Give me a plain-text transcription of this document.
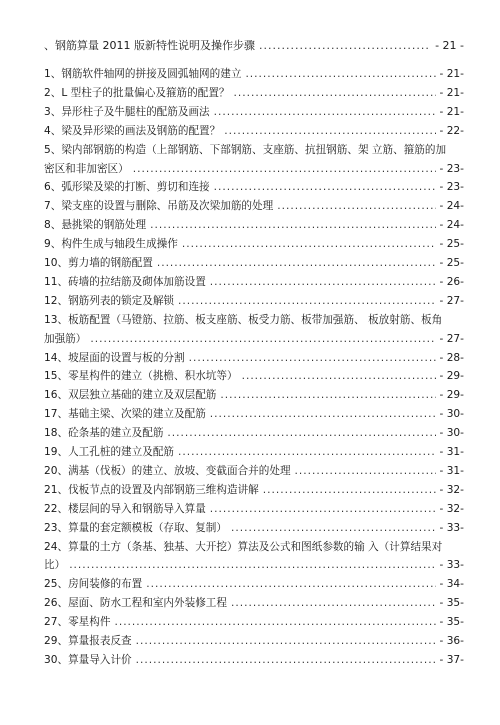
、钢筋算量 2011 版新特性说明及操作步骤 .....	- 21 -
1、钢筋软件轴网的拼接及圆弧轴网的建立 .....	- 21-
2、L 型柱子的批量偏心及箍筋的配置？ .....	- 21-
3、异形柱子及牛腿柱的配筋及画法 .....	- 21-
4、梁及异形梁的画法及钢筋的配置？ .....	- 22-
5、梁内部钢筋的构造（上部钢筋、下部钢筋、支座筋、抗扭钢筋、架 立筋、箍筋的加
密区和非加密区） .....	- 23-
6、弧形梁及梁的打断、剪切和连接 .....	- 23-
7、梁支座的设置与删除、吊筋及次梁加筋的处理 .....	- 24-
8、悬挑梁的钢筋处理 .....	- 24-
9、构件生成与轴段生成操作 .....	- 25-
10、剪力墙的钢筋配置 .....	- 25-
11、砖墙的拉结筋及砌体加筋设置 .....	- 26-
12、钢筋列表的锁定及解锁 .....	- 27-
13、板筋配置（马镫筋、拉筋、板支座筋、板受力筋、板带加强筋、 板放射筋、板角
加强筋） .....	- 27-
14、坡屋面的设置与板的分割 .....	- 28-
15、零星构件的建立（挑檐、积水坑等） .....	- 29-
16、双层独立基础的建立及双层配筋 .....	- 29-
17、基础主梁、次梁的建立及配筋 .....	- 30-
18、砼条基的建立及配筋 .....	- 30-
19、人工孔桩的建立及配筋 .....	- 31-
20、满基（伐板）的建立、放坡、变截面合并的处理 .....	- 31-
21、伐板节点的设置及内部钢筋三维构造讲解 .....	- 32-
22、楼层间的导入和钢筋导入算量 .....	- 32-
23、算量的套定额模板（存取、复制） .....	- 33-
24、算量的土方（条基、独基、大开挖）算法及公式和图纸参数的输 入（计算结果对
比） .....	- 33-
25、房间装修的布置 .....	- 34-
26、屋面、防水工程和室内外装修工程 .....	- 35-
27、零星构件 .....	- 35-
29、算量报表反查 .....	- 36-
30、算量导入计价 .....	- 37-
